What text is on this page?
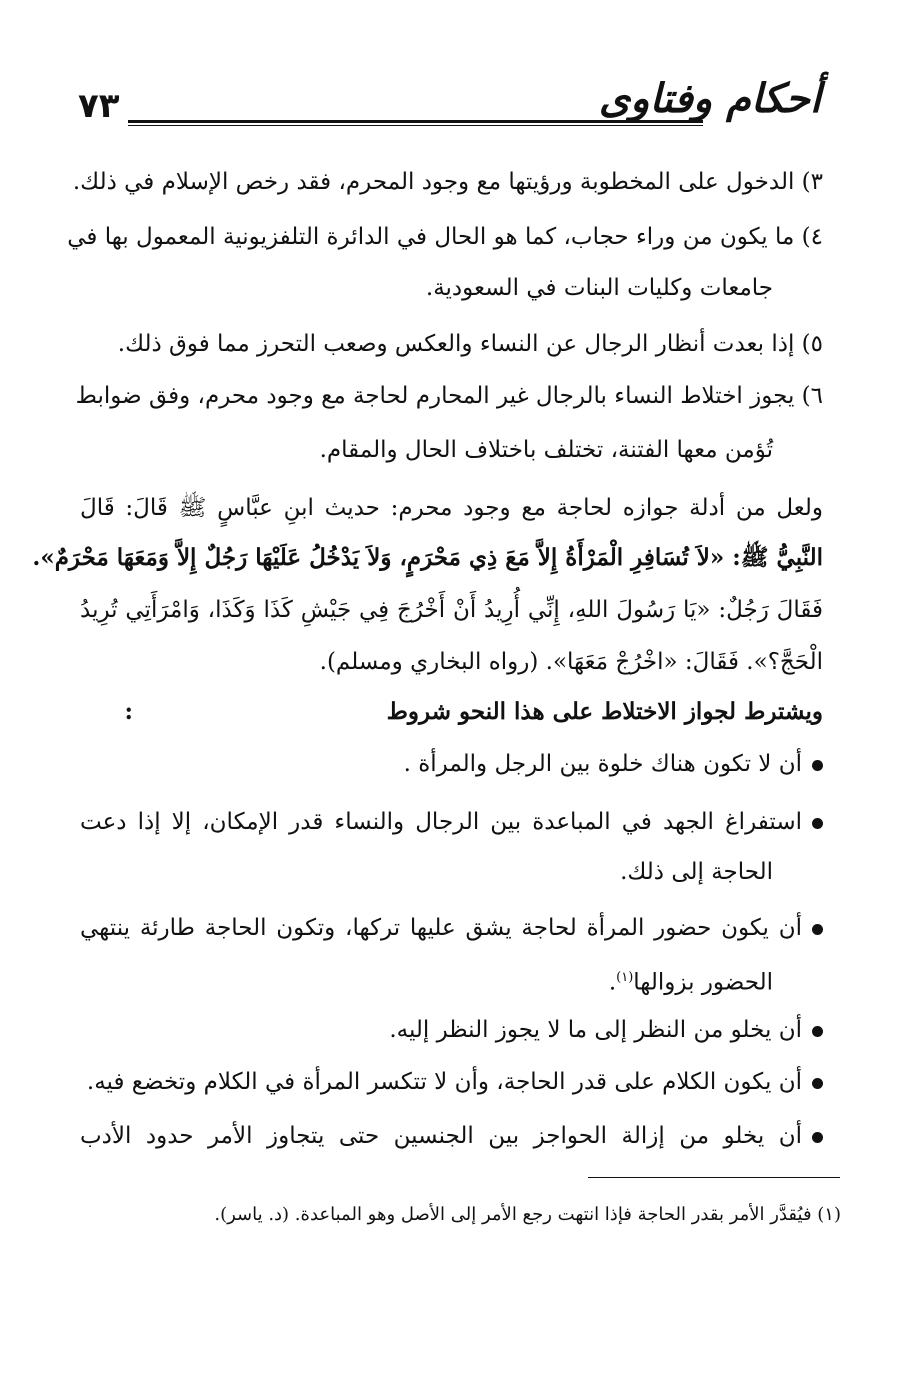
٧٣	أحكام وفتاوى
٣) الدخول على المخطوبة ورؤيتها مع وجود المحرم، فقد رخص الإسلام في ذلك.
٤) ما يكون من وراء حجاب، كما هو الحال في الدائرة التلفزيونية المعمول بها في
جامعات وكليات البنات في السعودية.
٥) إذا بعدت أنظار الرجال عن النساء والعكس وصعب التحرز مما فوق ذلك.
٦) يجوز اختلاط النساء بالرجال غير المحارم لحاجة مع وجود محرم، وفق ضوابط
تُؤمن معها الفتنة، تختلف باختلاف الحال والمقام.
ولعل من أدلة جوازه لحاجة مع وجود محرم: حديث ابنِ عبَّاسٍ ﷺ قَالَ: قَالَ
النَّبِيُّ ﷺ: «لاَ تُسَافِرِ الْمَرْأَةُ إِلاَّ مَعَ ذِي مَحْرَمٍ، وَلاَ يَدْخُلُ عَلَيْهَا رَجُلٌ إِلاَّ وَمَعَهَا مَحْرَمٌ».
فَقَالَ رَجُلٌ: «يَا رَسُولَ اللهِ، إِنِّي أُرِيدُ أَنْ أَخْرُجَ فِي جَيْشِ كَذَا وَكَذَا، وَامْرَأَتِي تُرِيدُ
الْحَجَّ؟». فَقَالَ: «اخْرُجْ مَعَهَا». (رواه البخاري ومسلم).
ويشترط لجواز الاختلاط على هذا النحو شروط
:
أن لا تكون هناك خلوة بين الرجل والمرأة .
استفراغ الجهد في المباعدة بين الرجال والنساء قدر الإمكان، إلا إذا دعت
الحاجة إلى ذلك.
أن يكون حضور المرأة لحاجة يشق عليها تركها، وتكون الحاجة طارئة ينتهي
الحضور بزوالها$^{(١)}$.
أن يخلو من النظر إلى ما لا يجوز النظر إليه.
أن يكون الكلام على قدر الحاجة، وأن لا تتكسر المرأة في الكلام وتخضع فيه.
أن يخلو من إزالة الحواجز بين الجنسين حتى يتجاوز الأمر حدود الأدب
(١) فيُقدَّر الأمر بقدر الحاجة فإذا انتهت رجع الأمر إلى الأصل وهو المباعدة. (د. ياسر).
